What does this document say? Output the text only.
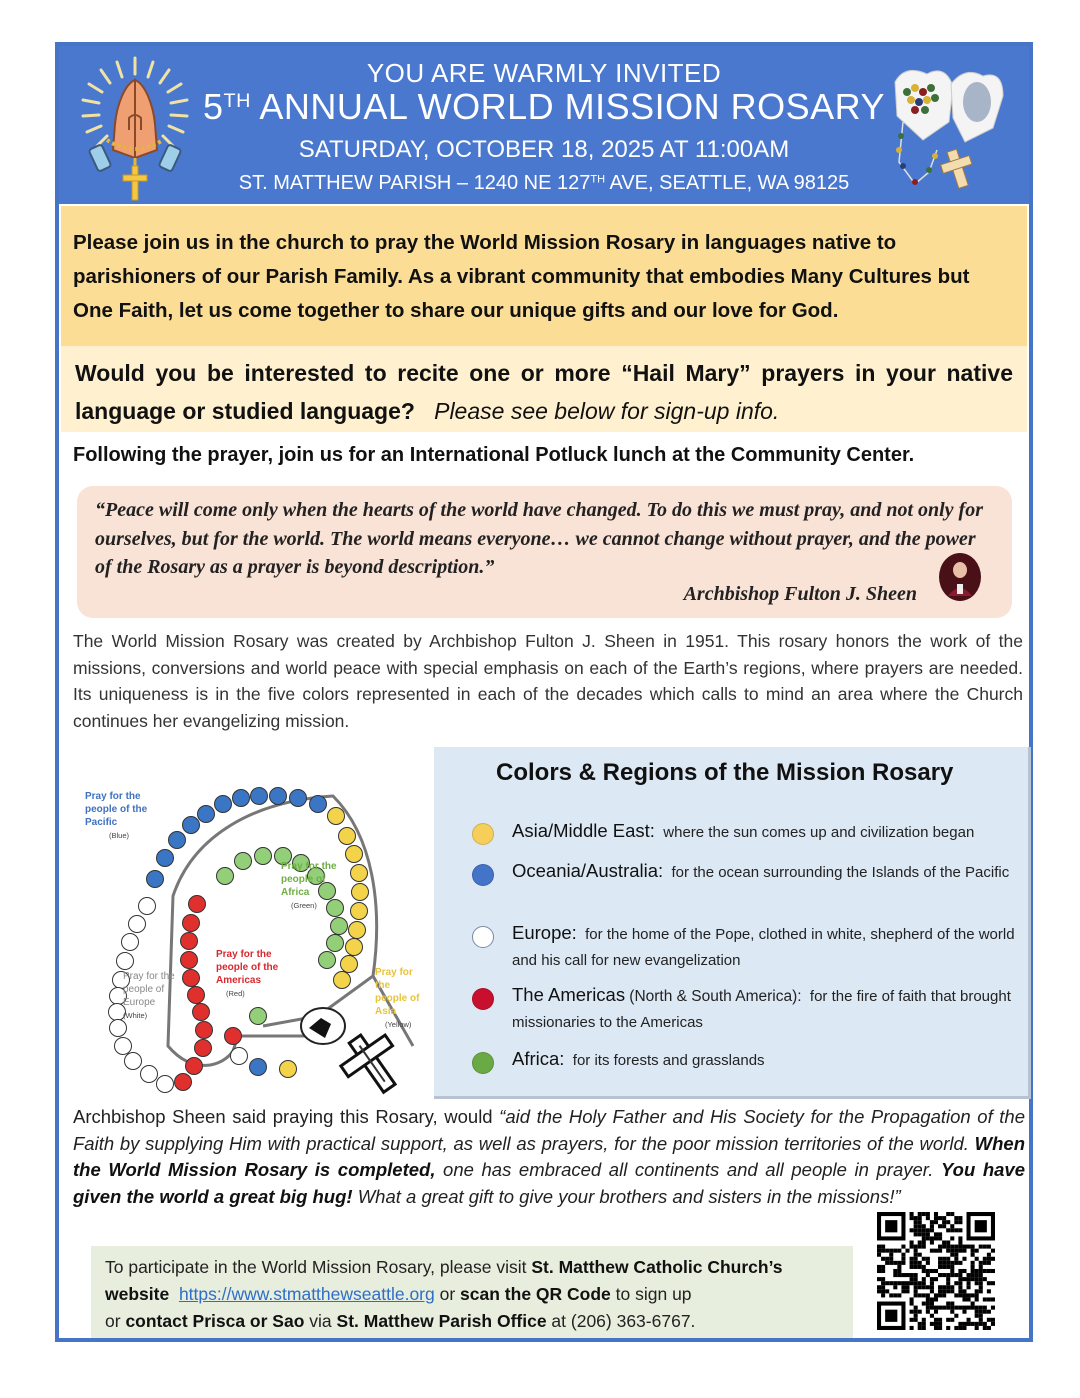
YOU ARE WARMLY INVITED
5TH ANNUAL WORLD MISSION ROSARY
SATURDAY, OCTOBER 18, 2025 AT 11:00AM
ST. MATTHEW PARISH – 1240 NE 127TH AVE, SEATTLE, WA 98125
Please join us in the church to pray the World Mission Rosary in languages native to parishioners of our Parish Family. As a vibrant community that embodies Many Cultures but One Faith, let us come together to share our unique gifts and our love for God.
Would you be interested to recite one or more “Hail Mary” prayers in your native language or studied language? Please see below for sign-up info.
Following the prayer, join us for an International Potluck lunch at the Community Center.
“Peace will come only when the hearts of the world have changed. To do this we must pray, and not only for ourselves, but for the world. The world means everyone… we cannot change without prayer, and the power of the Rosary as a prayer is beyond description.”
Archbishop Fulton J. Sheen
The World Mission Rosary was created by Archbishop Fulton J. Sheen in 1951. This rosary honors the work of the missions, conversions and world peace with special emphasis on each of the Earth’s regions, where prayers are needed. Its uniqueness is in the five colors represented in each of the decades which calls to mind an area where the Church continues her evangelizing mission.
Pray for the people of the Pacific
(Blue)
Pray for the people of Africa
(Green)
Pray for the people of the Americas
(Red)
Pray for the people of Europe
(White)
Pray for the people of Asia
(Yellow)
Colors & Regions of the Mission Rosary
Asia/Middle East: where the sun comes up and civilization began
Oceania/Australia: for the ocean surrounding the Islands of the Pacific
Europe: for the home of the Pope, clothed in white, shepherd of the world and his call for new evangelization
The Americas (North & South America): for the fire of faith that brought missionaries to the Americas
Africa: for its forests and grasslands
Archbishop Sheen said praying this Rosary, would “aid the Holy Father and His Society for the Propagation of the Faith by supplying Him with practical support, as well as prayers, for the poor mission territories of the world. When the World Mission Rosary is completed, one has embraced all continents and all people in prayer. You have given the world a great big hug! What a great gift to give your brothers and sisters in the missions!”
To participate in the World Mission Rosary, please visit St. Matthew Catholic Church’s website https://www.stmatthewseattle.org or scan the QR Code to sign up
or contact Prisca or Sao via St. Matthew Parish Office at (206) 363-6767.
